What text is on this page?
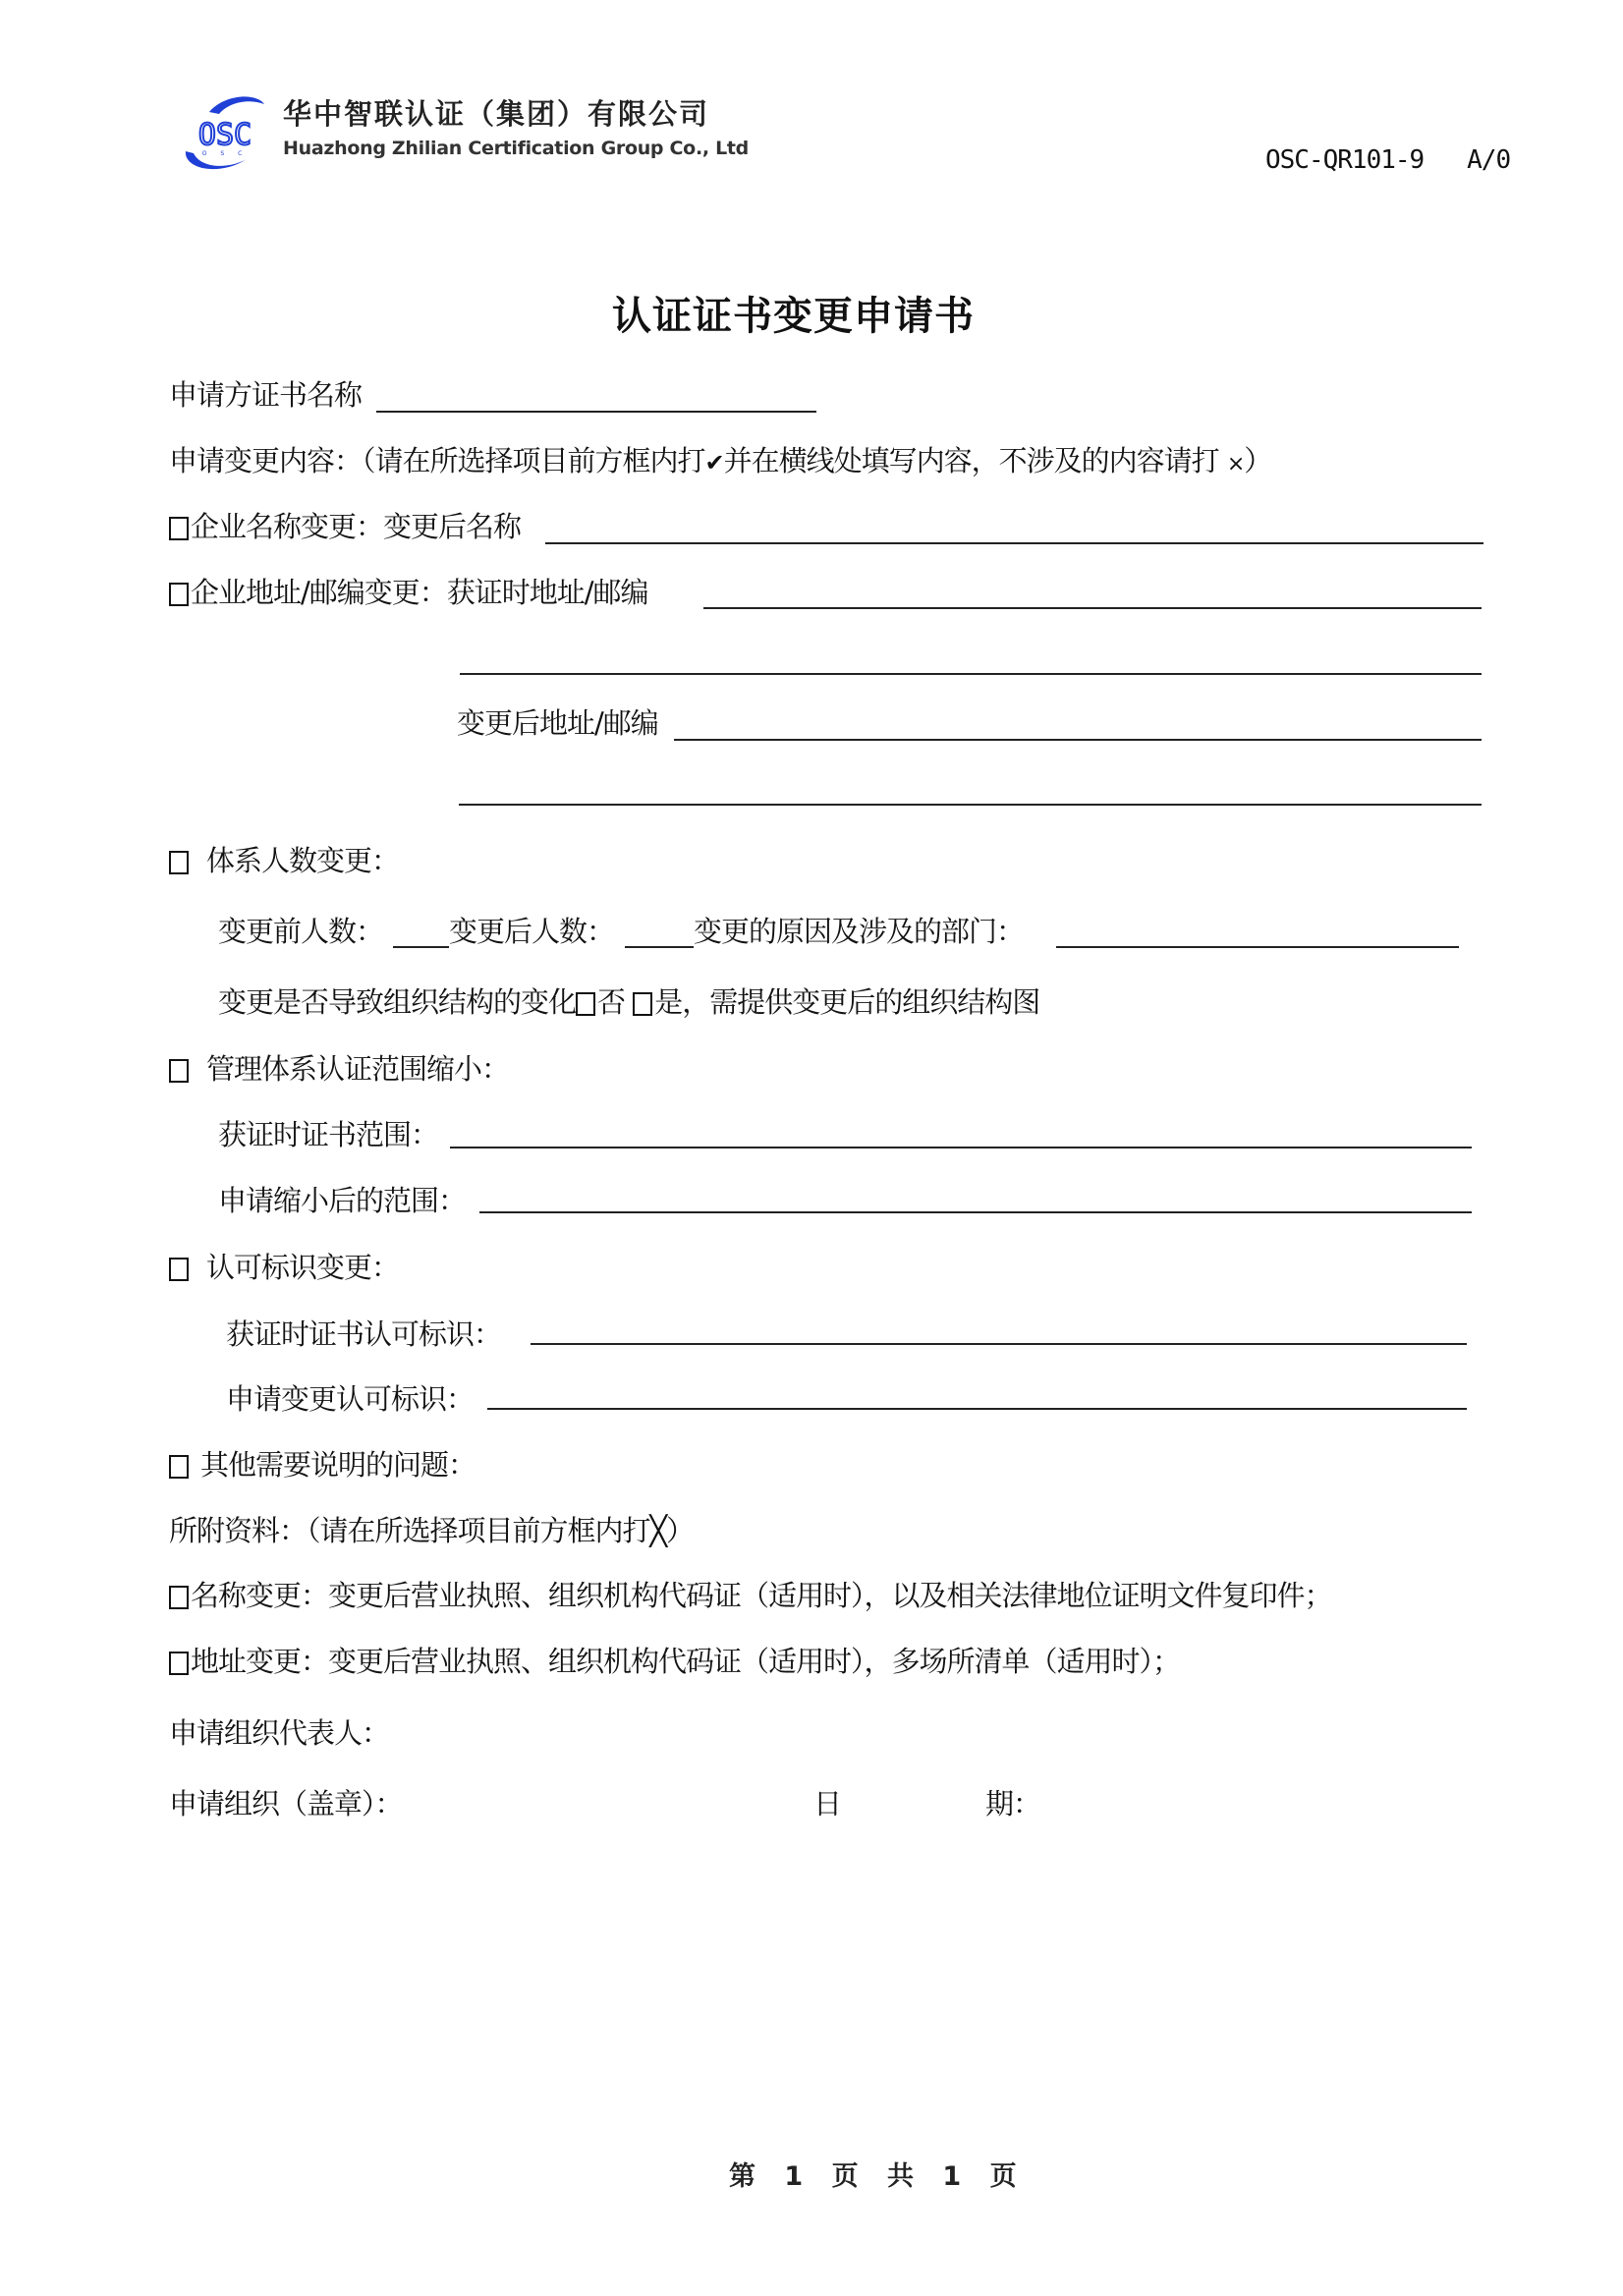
OSC
O S C
华中智联认证（集团）有限公司
Huazhong Zhilian Certification Group Co., Ltd	OSC-QR101-9   A/0
认证证书变更申请书
申请方证书名称
申请变更内容：（请在所选择项目前方框内打✔并在横线处填写内容，不涉及的内容请打 ×）
企业名称变更：变更后名称
企业地址/邮编变更：获证时地址/邮编
变更后地址/邮编
体系人数变更：
变更前人数： 变更后人数：	变更的原因及涉及的部门：
变更是否导致组织结构的变化 否 是，需提供变更后的组织结构图
管理体系认证范围缩小：
获证时证书范围：
申请缩小后的范围：
认可标识变更：
获证时证书认可标识：
申请变更认可标识：
其他需要说明的问题：
所附资料：（请在所选择项目前方框内打╳）
名称变更：变更后营业执照、组织机构代码证（适用时），以及相关法律地位证明文件复印件；
地址变更：变更后营业执照、组织机构代码证（适用时），多场所清单（适用时）；
申请组织代表人：
申请组织（盖章）：	日	期：
第 1 页 共 1 页
